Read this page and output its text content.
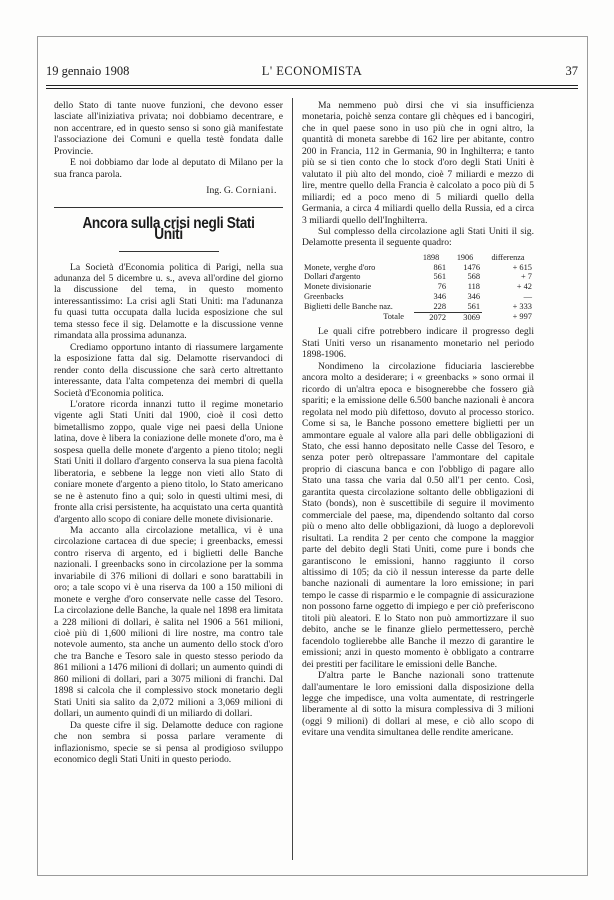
19 gennaio 1908	L' ECONOMISTA	37

dello Stato di tante nuove funzioni, che devono esser lasciate all'iniziativa privata; noi dobbiamo decentrare, e non accentrare, ed in questo senso si sono già manifestate l'associazione dei Comuni e quella testè fondata dalle Provincie.

E noi dobbiamo dar lode al deputato di Milano per la sua franca parola.

Ing. G. Corniani.
Ancora sulla crisi negli Stati Uniti

La Società d'Economia politica di Parigi, nella sua adunanza del 5 dicembre u. s., aveva all'ordine del giorno la discussione del tema, in questo momento interessantissimo: La crisi agli Stati Uniti: ma l'adunanza fu quasi tutta occupata dalla lucida esposizione che sul tema stesso fece il sig. Delamotte e la discussione venne rimandata alla prossima adunanza.

Crediamo opportuno intanto di riassumere largamente la esposizione fatta dal sig. Delamotte riservandoci di render conto della discussione che sarà certo altrettanto interessante, data l'alta competenza dei membri di quella Società d'Economia politica.

L'oratore ricorda innanzi tutto il regime monetario vigente agli Stati Uniti dal 1900, cioè il così detto bimetallismo zoppo, quale vige nei paesi della Unione latina, dove è libera la coniazione delle monete d'oro, ma è sospesa quella delle monete d'argento a pieno titolo; negli Stati Uniti il dollaro d'argento conserva la sua piena facoltà liberatoria, e sebbene la legge non vieti allo Stato di coniare monete d'argento a pieno titolo, lo Stato americano se ne è astenuto fino a qui; solo in questi ultimi mesi, di fronte alla crisi persistente, ha acquistato una certa quantità d'argento allo scopo di coniare delle monete divisionarie.

Ma accanto alla circolazione metallica, vi è una circolazione cartacea di due specie; i greenbacks, emessi contro riserva di argento, ed i biglietti delle Banche nazionali. I greenbacks sono in circolazione per la somma invariabile di 376 milioni di dollari e sono barattabili in oro; a tale scopo vi è una riserva da 100 a 150 milioni di monete e verghe d'oro conservate nelle casse del Tesoro. La circolazione delle Banche, la quale nel 1898 era limitata a 228 milioni di dollari, è salita nel 1906 a 561 milioni, cioè più di 1,600 milioni di lire nostre, ma contro tale notevole aumento, sta anche un aumento dello stock d'oro che tra Banche e Tesoro sale in questo stesso periodo da 861 milioni a 1476 milioni di dollari; un aumento quindi di 860 milioni di dollari, pari a 3075 milioni di franchi. Dal 1898 si calcola che il complessivo stock monetario degli Stati Uniti sia salito da 2,072 milioni a 3,069 milioni di dollari, un aumento quindi di un miliardo di dollari.

Da queste cifre il sig. Delamotte deduce con ragione che non sembra si possa parlare veramente di inflazionismo, specie se si pensa al prodigioso sviluppo economico degli Stati Uniti in questo periodo.

Ma nemmeno può dirsi che vi sia insufficienza monetaria, poichè senza contare gli chèques ed i bancogiri, che in quel paese sono in uso più che in ogni altro, la quantità di moneta sarebbe di 162 lire per abitante, contro 200 in Francia, 112 in Germania, 90 in Inghilterra; e tanto più se si tien conto che lo stock d'oro degli Stati Uniti è valutato il più alto del mondo, cioè 7 miliardi e mezzo di lire, mentre quello della Francia è calcolato a poco più di 5 miliardi; ed a poco meno di 5 miliardi quello della Germania, a circa 4 miliardi quello della Russia, ed a circa 3 miliardi quello dell'Inghilterra.

Sul complesso della circolazione agli Stati Uniti il sig. Delamotte presenta il seguente quadro:

	1898	1906	differenza
Monete, verghe d'oro	861	1476	+ 615
Dollari d'argento	561	568	+ 7
Monete divisionarie	76	118	+ 42
Greenbacks	346	346	—
Biglietti delle Banche naz.	228	561	+ 333
Totale	2072	3069	+ 997

Le quali cifre potrebbero indicare il progresso degli Stati Uniti verso un risanamento monetario nel periodo 1898-1906.

Nondimeno la circolazione fiduciaria lascierebbe ancora molto a desiderare; i « greenbacks » sono ormai il ricordo di un'altra epoca e bisognerebbe che fossero già spariti; e la emissione delle 6.500 banche nazionali è ancora regolata nel modo più difettoso, dovuto al processo storico. Come si sa, le Banche possono emettere biglietti per un ammontare eguale al valore alla pari delle obbligazioni di Stato, che essi hanno depositato nelle Casse del Tesoro, e senza poter però oltrepassare l'ammontare del capitale proprio di ciascuna banca e con l'obbligo di pagare allo Stato una tassa che varia dal 0.50 all'1 per cento. Così, garantita questa circolazione soltanto delle obbligazioni di Stato (bonds), non è suscettibile di seguire il movimento commerciale del paese, ma, dipendendo soltanto dal corso più o meno alto delle obbligazioni, dà luogo a deplorevoli risultati. La rendita 2 per cento che compone la maggior parte del debito degli Stati Uniti, come pure i bonds che garantiscono le emissioni, hanno raggiunto il corso altissimo di 105; da ciò il nessun interesse da parte delle banche nazionali di aumentare la loro emissione; in pari tempo le casse di risparmio e le compagnie di assicurazione non possono farne oggetto di impiego e per ciò preferiscono titoli più aleatori. E lo Stato non può ammortizzare il suo debito, anche se le finanze glielo permettessero, perchè facendolo toglierebbe alle Banche il mezzo di garantire le emissioni; anzi in questo momento è obbligato a contrarre dei prestiti per facilitare le emissioni delle Banche.

D'altra parte le Banche nazionali sono trattenute dall'aumentare le loro emissioni dalla disposizione della legge che impedisce, una volta aumentate, di restringerle liberamente al di sotto la misura complessiva di 3 milioni (oggi 9 milioni) di dollari al mese, e ciò allo scopo di evitare una vendita simultanea delle rendite americane.
